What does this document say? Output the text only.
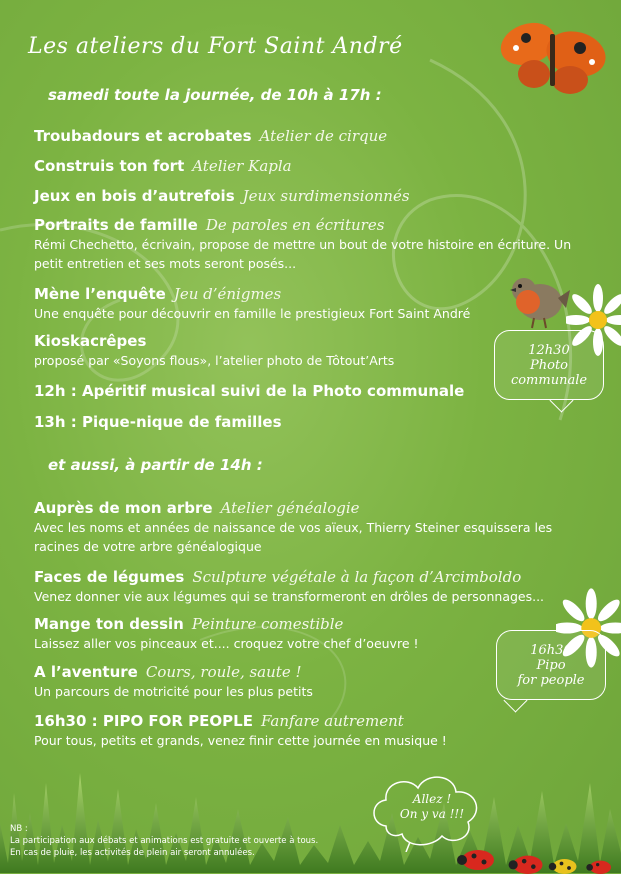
Les ateliers du Fort Saint André
samedi toute la journée, de 10h à 17h :
Troubadours et acrobates Atelier de cirque
Construis ton fort Atelier Kapla
Jeux en bois d’autrefois Jeux surdimensionnés
Portraits de famille De paroles en écritures
Rémi Chechetto, écrivain, propose de mettre un bout de votre histoire en écriture. Un petit entretien et ses mots seront posés...
Mène l’enquête Jeu d’énigmes
Une enquête pour découvrir en famille le prestigieux Fort Saint André
Kioskacrêpes
proposé par «Soyons flous», l’atelier photo de Tôtout’Arts
12h : Apéritif musical suivi de la Photo communale
13h : Pique-nique de familles
et aussi, à partir de 14h :
Auprès de mon arbre Atelier généalogie
Avec les noms et années de naissance de vos aïeux, Thierry Steiner esquissera les racines de votre arbre généalogique
Faces de légumes Sculpture végétale à la façon d’Arcimboldo
Venez donner vie aux légumes qui se transformeront en drôles de personnages...
Mange ton dessin Peinture comestible
Laissez aller vos pinceaux et.... croquez votre chef d’oeuvre !
A l’aventure Cours, roule, saute !
Un parcours de motricité pour les plus petits
16h30 : PIPO FOR PEOPLE Fanfare autrement
Pour tous, petits et grands, venez finir cette journée en musique !
12h30
Photo
communale
16h30
Pipo
for people
Allez !
On y va !!!
NB :
La participation aux débats et animations est gratuite et ouverte à tous.
En cas de pluie, les activités de plein air seront annulées.
